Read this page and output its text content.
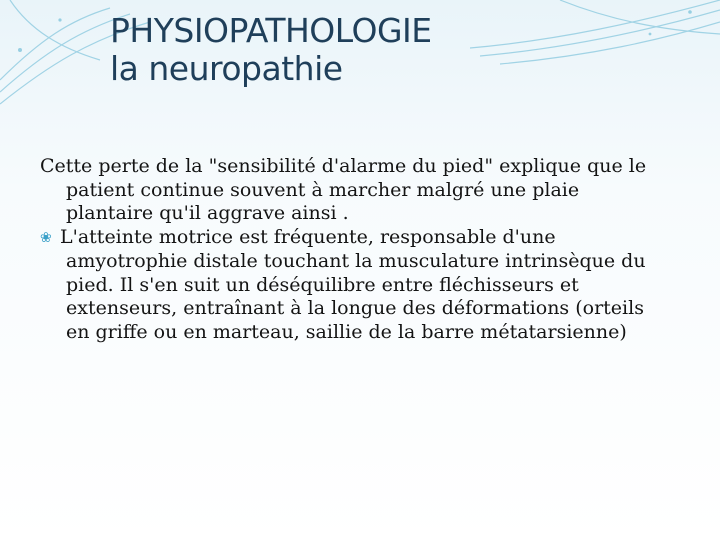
PHYSIOPATHOLOGIE
la neuropathie

Cette perte de la "sensibilité d'alarme du pied" explique que le patient continue souvent à marcher malgré une plaie plantaire qu'il aggrave ainsi .

❀ L'atteinte motrice est fréquente, responsable d'une amyotrophie distale touchant la musculature intrinsèque du pied. Il s'en suit un déséquilibre entre fléchisseurs et extenseurs, entraînant à la longue des déformations (orteils en griffe ou en marteau, saillie de la barre métatarsienne)
